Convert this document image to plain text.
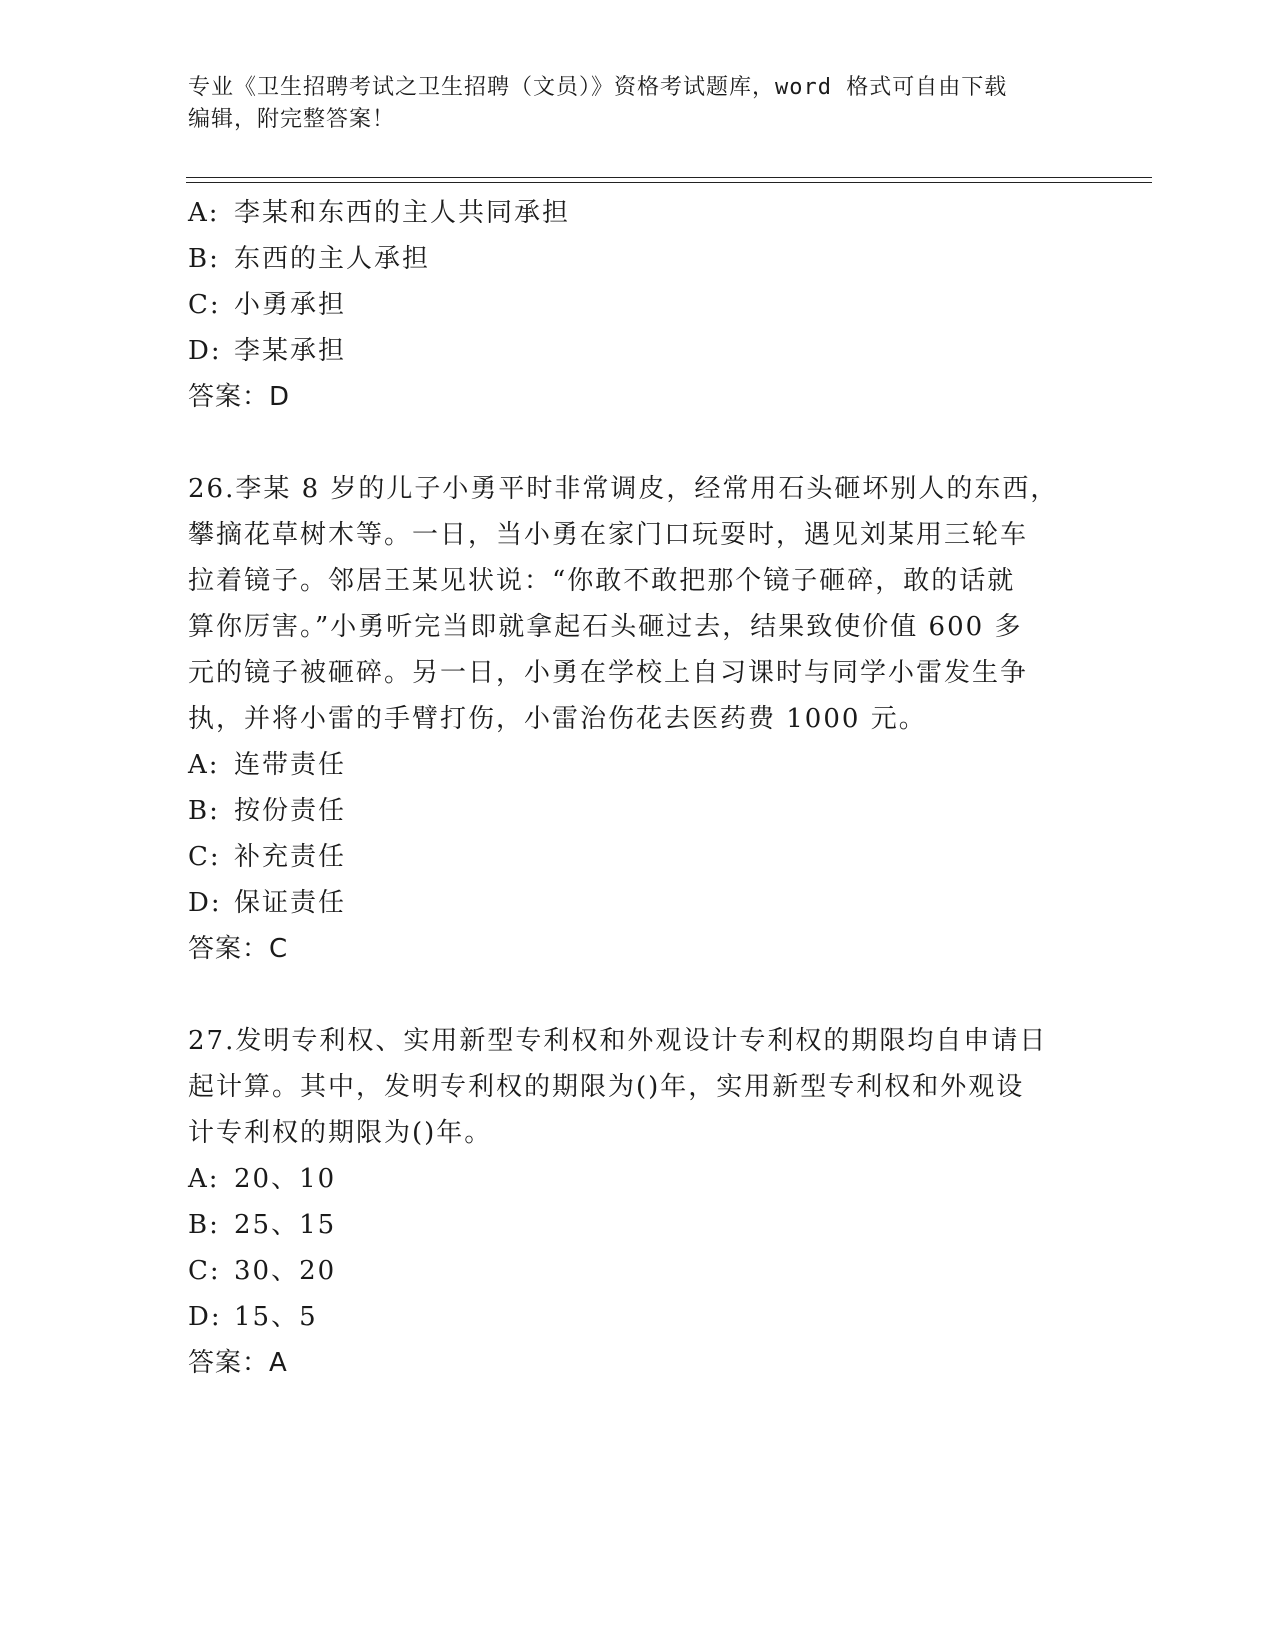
专业《卫生招聘考试之卫生招聘（文员）》资格考试题库，word 格式可自由下载
编辑，附完整答案！
A: 李某和东西的主人共同承担
B: 东西的主人承担
C: 小勇承担
D: 李某承担
答案：D
26.李某 8 岁的儿子小勇平时非常调皮，经常用石头砸坏别人的东西，
攀摘花草树木等。一日，当小勇在家门口玩耍时，遇见刘某用三轮车
拉着镜子。邻居王某见状说：“你敢不敢把那个镜子砸碎，敢的话就
算你厉害。”小勇听完当即就拿起石头砸过去，结果致使价值 600 多
元的镜子被砸碎。另一日，小勇在学校上自习课时与同学小雷发生争
执，并将小雷的手臂打伤，小雷治伤花去医药费 1000 元。
A: 连带责任
B: 按份责任
C: 补充责任
D: 保证责任
答案：C
27.发明专利权、实用新型专利权和外观设计专利权的期限均自申请日
起计算。其中，发明专利权的期限为()年，实用新型专利权和外观设
计专利权的期限为()年。
A: 20、10
B: 25、15
C: 30、20
D: 15、5
答案：A
